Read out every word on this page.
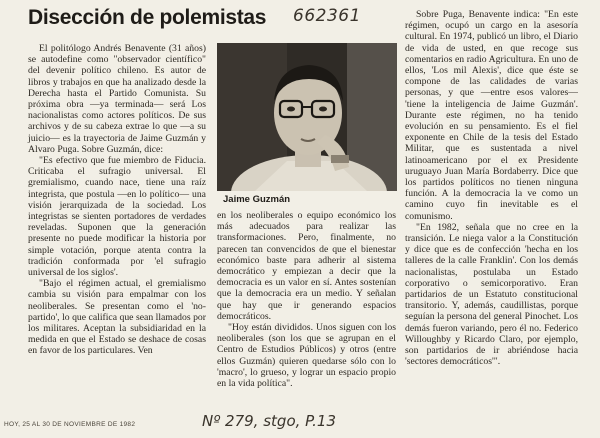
Disección de polemistas 662361

El politólogo Andrés Benavente (31 años) se autodefine como "observador científico" del devenir político chileno. Es autor de libros y trabajos en que ha analizado desde la Derecha hasta el Partido Comunista. Su próxima obra —ya terminada— será Los nacionalistas como actores políticos. De sus archivos y de su cabeza extrae lo que —a su juicio— es la trayectoria de Jaime Guzmán y Alvaro Puga. Sobre Guzmán, dice:

"Es efectivo que fue miembro de Fiducia. Criticaba el sufragio universal. El gremialismo, cuando nace, tiene una raíz integrista, que postula —en lo político— una visión jerarquizada de la sociedad. Los integristas se sienten portadores de verdades reveladas. Suponen que la generación presente no puede modificar la historia por simple votación, porque atenta contra la tradición conformada por 'el sufragio universal de los siglos'.

"Bajo el régimen actual, el gremialismo cambia su visión para empalmar con los neoliberales. Se presentan como el 'no-partido', lo que califica que sean llamados por los militares. Aceptan la subsidiaridad en la medida en que el Estado se deshace de cosas en favor de los particulares. Ven

Jaime Guzmán

en los neoliberales o equipo económico los más adecuados para realizar las transformaciones. Pero, finalmente, no parecen tan convencidos de que el bienestar económico baste para adherir al sistema democrático y empiezan a decir que la democracia es un valor en sí. Antes sostenían que la democracia era un medio. Y señalan que hay que ir generando espacios democráticos.

"Hoy están divididos. Unos siguen con los neoliberales (son los que se agrupan en el Centro de Estudios Públicos) y otros (entre ellos Guzmán) quieren quedarse sólo con lo 'macro', lo grueso, y lograr un espacio propio en la vida política".

Sobre Puga, Benavente indica: "En este régimen, ocupó un cargo en la asesoría cultural. En 1974, publicó un libro, el Diario de vida de usted, en que recoge sus comentarios en radio Agricultura. En uno de ellos, 'Los mil Alexis', dice que éste se compone de las calidades de varias personas, y que —entre esos valores— 'tiene la inteligencia de Jaime Guzmán'. Durante este régimen, no ha tenido evolución en su pensamiento. Es el fiel exponente en Chile de la tesis del Estado Militar, que es sustentada a nivel latinoamericano por el ex Presidente uruguayo Juan María Bordaberry. Dice que los partidos políticos no tienen ninguna función. A la democracia la ve como un camino cuyo fin inevitable es el comunismo.

"En 1982, señala que no cree en la transición. Le niega valor a la Constitución y dice que es de confección 'hecha en los talleres de la calle Franklin'. Con los demás nacionalistas, postulaba un Estado corporativo o semicorporativo. Eran partidarios de un Estatuto constitucional transitorio. Y, además, caudillistas, porque seguían la persona del general Pinochet. Los demás fueron variando, pero él no. Federico Willoughby y Ricardo Claro, por ejemplo, son partidarios de ir abriéndose hacia 'sectores democráticos'".

HOY, 25 AL 30 DE NOVIEMBRE DE 1982	Nº 279, stgo, P.13
